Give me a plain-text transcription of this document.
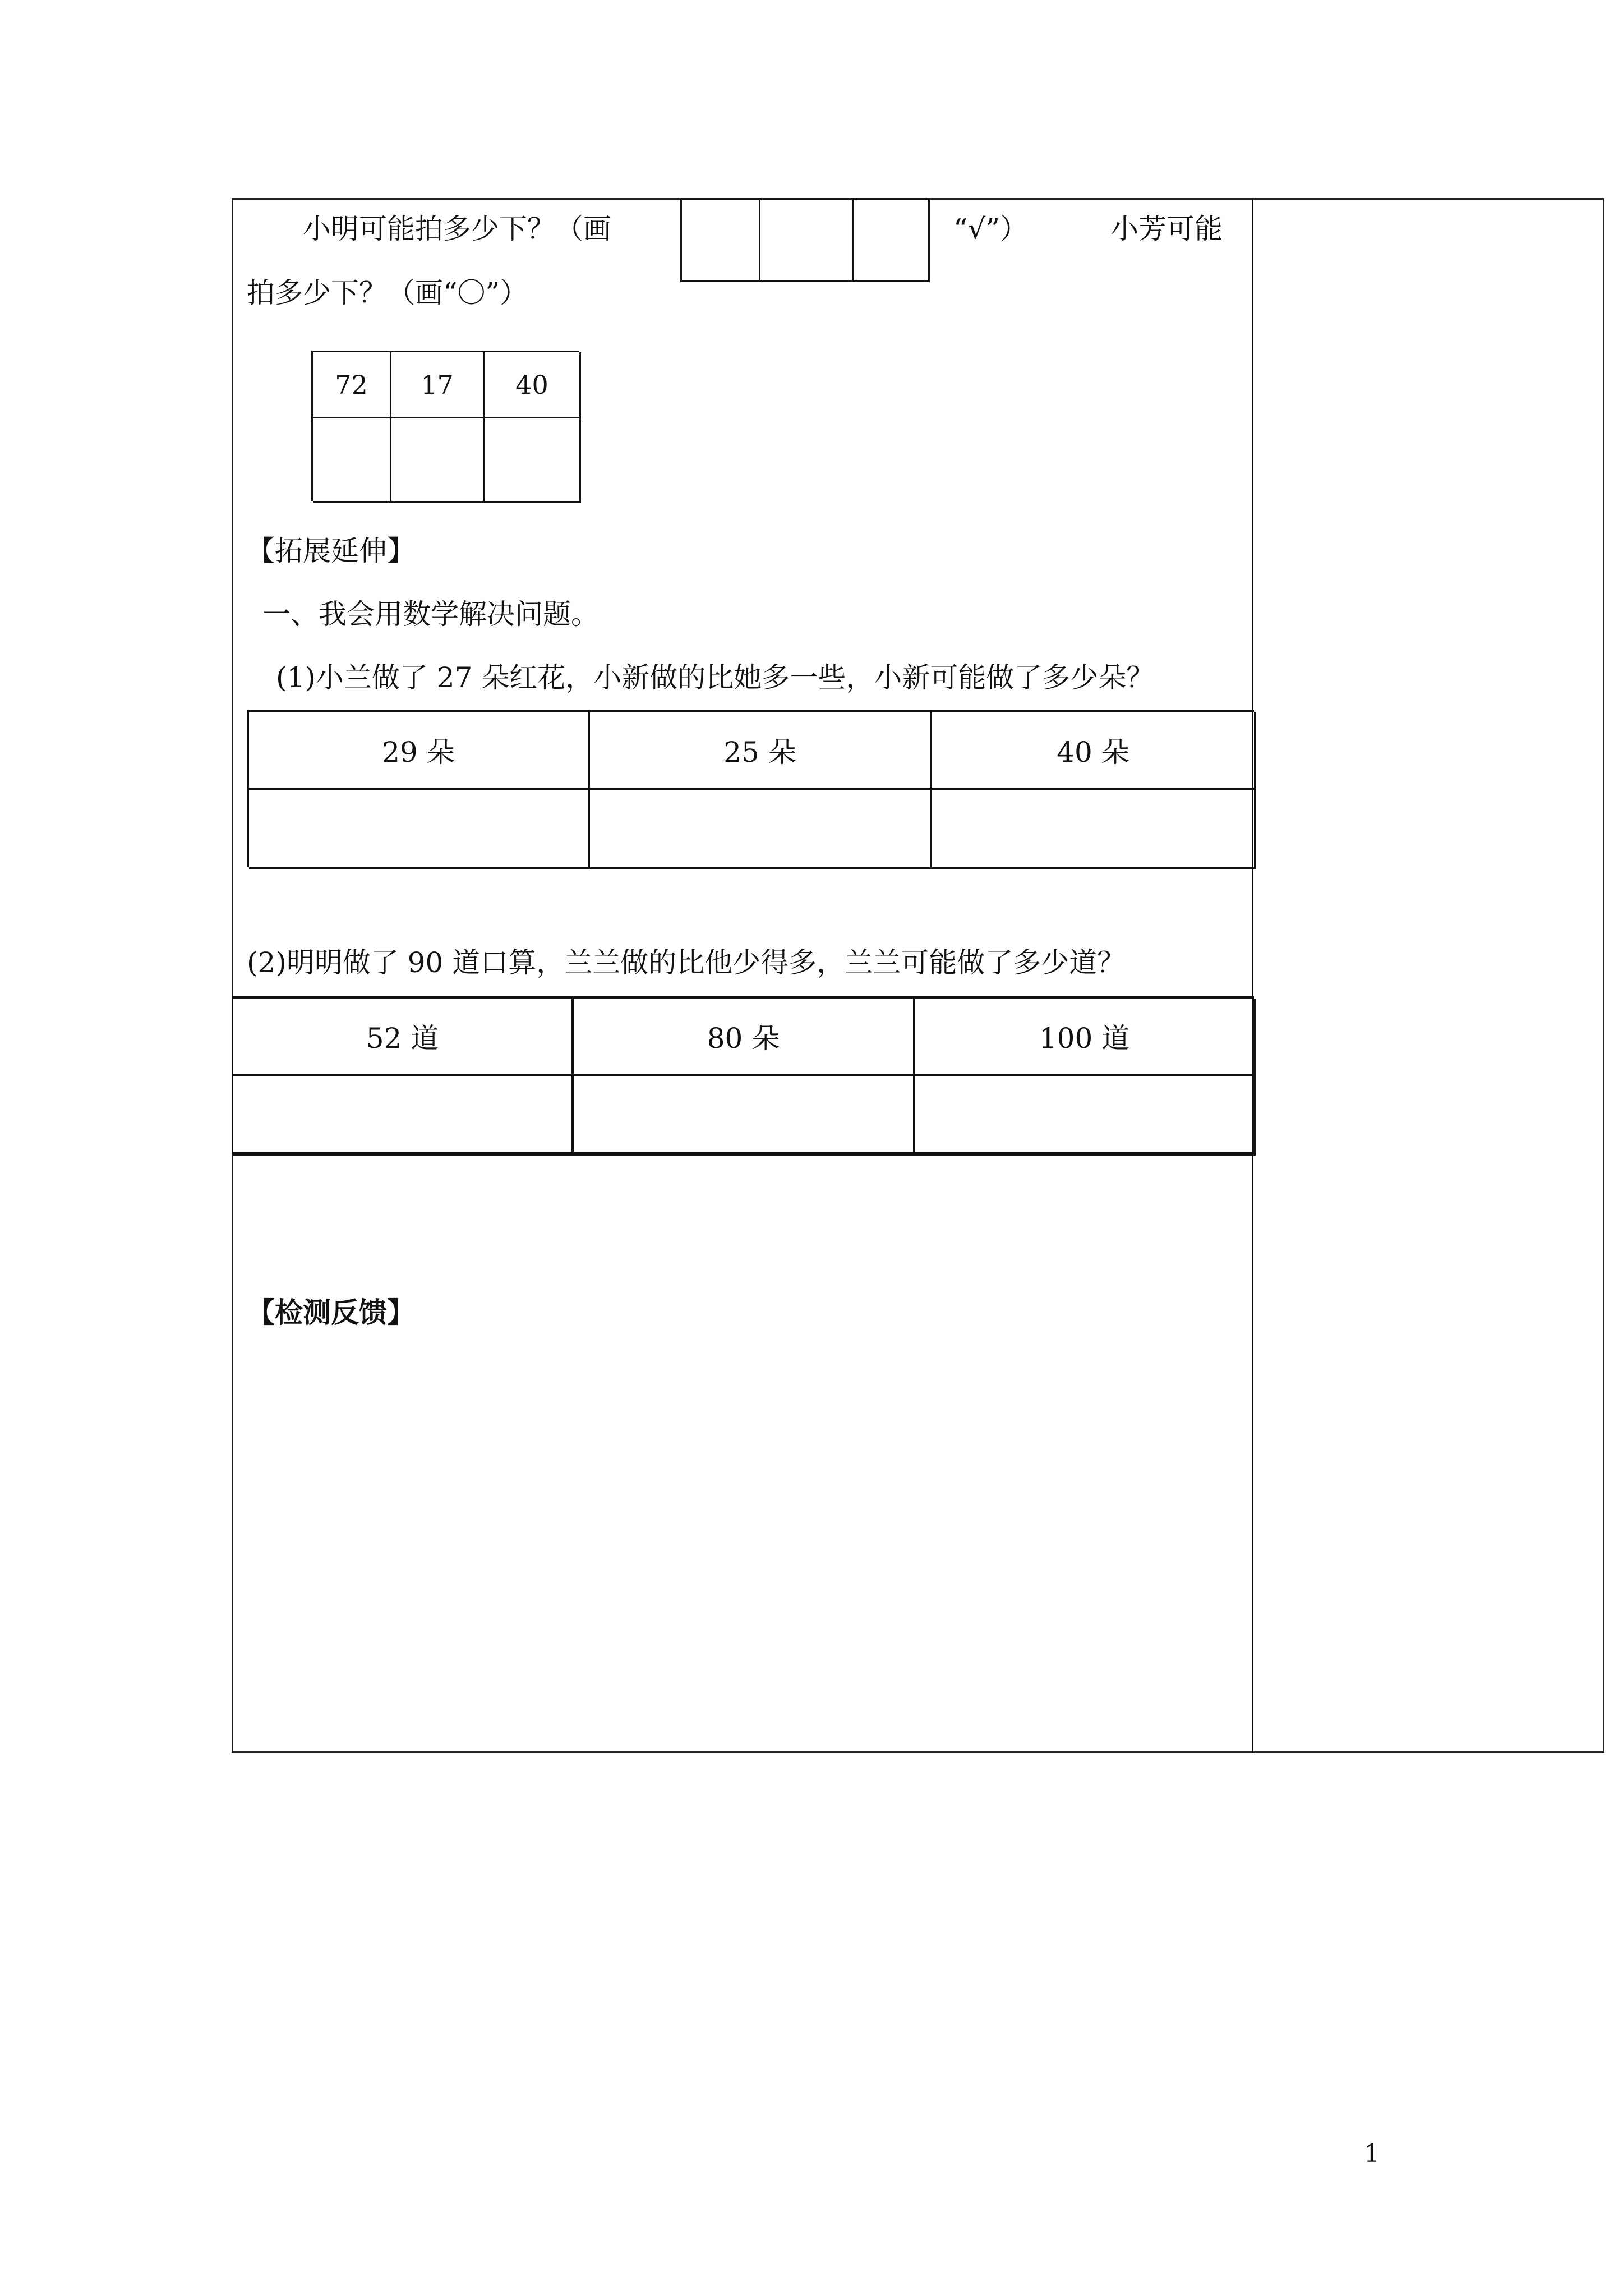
小明可能拍多少下？（画	“√”）	小芳可能
拍多少下？（画“〇”）
72	17	40
【拓展延伸】
一、我会用数学解决问题。
(1)小兰做了 27 朵红花，小新做的比她多一些，小新可能做了多少朵？
29 朵	25 朵	40 朵
(2)明明做了 90 道口算，兰兰做的比他少得多，兰兰可能做了多少道？
52 道	80 朵	100 道
【检测反馈】
1
